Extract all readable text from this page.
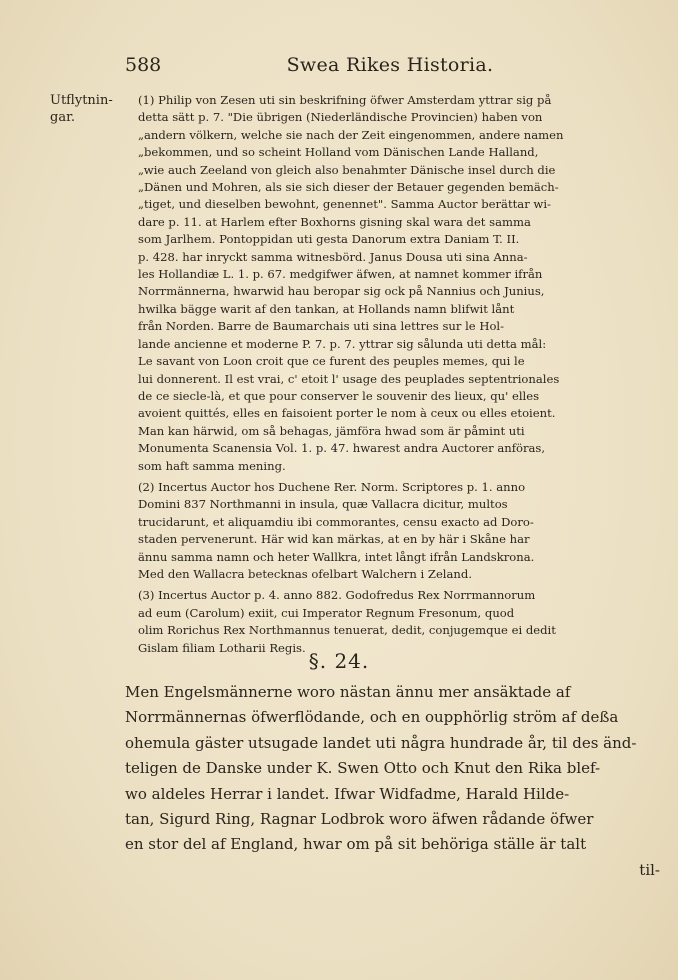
588	Swea Rikes Historia.
Utflytnin-
gar.
(1) Philip von Zesen uti sin beskrifning öfwer Amsterdam yttrar sig på
detta sätt p. 7. "Die übrigen (Niederländische Provincien) haben von
„andern völkern, welche sie nach der Zeit eingenommen, andere namen
„bekommen, und so scheint Holland vom Dänischen Lande Halland,
„wie auch Zeeland von gleich also benahmter Dänische insel durch die
„Dänen und Mohren, als sie sich dieser der Betauer gegenden bemäch-
„tiget, und dieselben bewohnt, genennet". Samma Auctor berättar wi-
dare p. 11. at Harlem efter Boxhorns gisning skal wara det samma
som Jarlhem. Pontoppidan uti gesta Danorum extra Daniam T. II.
p. 428. har inryckt samma witnesbörd. Janus Dousa uti sina Anna-
les Hollandiæ L. 1. p. 67. medgifwer äfwen, at namnet kommer ifrån
Norrmännerna, hwarwid hau beropar sig ock på Nannius och Junius,
hwilka bägge warit af den tankan, at Hollands namn blifwit lånt
från Norden. Barre de Baumarchais uti sina lettres sur le Hol-
lande ancienne et moderne P. 7. p. 7. yttrar sig sålunda uti detta mål:
Le savant von Loon croit que ce furent des peuples memes, qui le
lui donnerent. Il est vrai, c' etoit l' usage des peuplades septentrionales
de ce siecle-là, et que pour conserver le souvenir des lieux, qu' elles
avoient quittés, elles en faisoient porter le nom à ceux ou elles etoient.
Man kan härwid, om så behagas, jämföra hwad som är påmint uti
Monumenta Scanensia Vol. 1. p. 47. hwarest andra Auctorer anföras,
som haft samma mening.
(2) Incertus Auctor hos Duchene Rer. Norm. Scriptores p. 1. anno
Domini 837 Northmanni in insula, quæ Vallacra dicitur, multos
trucidarunt, et aliquamdiu ibi commorantes, censu exacto ad Doro-
staden pervenerunt. Här wid kan märkas, at en by här i Skåne har
ännu samma namn och heter Wallkra, intet långt ifrån Landskrona.
Med den Wallacra betecknas ofelbart Walchern i Zeland.
(3) Incertus Auctor p. 4. anno 882. Godofredus Rex Norrmannorum
ad eum (Carolum) exiit, cui Imperator Regnum Fresonum, quod
olim Rorichus Rex Northmannus tenuerat, dedit, conjugemque ei dedit
Gislam filiam Lotharii Regis.
§. 24.
Men Engelsmännerne woro nästan ännu mer ansäktade af
Norrmännernas öfwerflödande, och en oupphörlig ström af deßa
ohemula gäster utsugade landet uti några hundrade år, til des änd-
teligen de Danske under K. Swen Otto och Knut den Rika blef-
wo aldeles Herrar i landet. Ifwar Widfadme, Harald Hilde-
tan, Sigurd Ring, Ragnar Lodbrok woro äfwen rådande öfwer
en stor del af England, hwar om på sit behöriga ställe är talt
til-
